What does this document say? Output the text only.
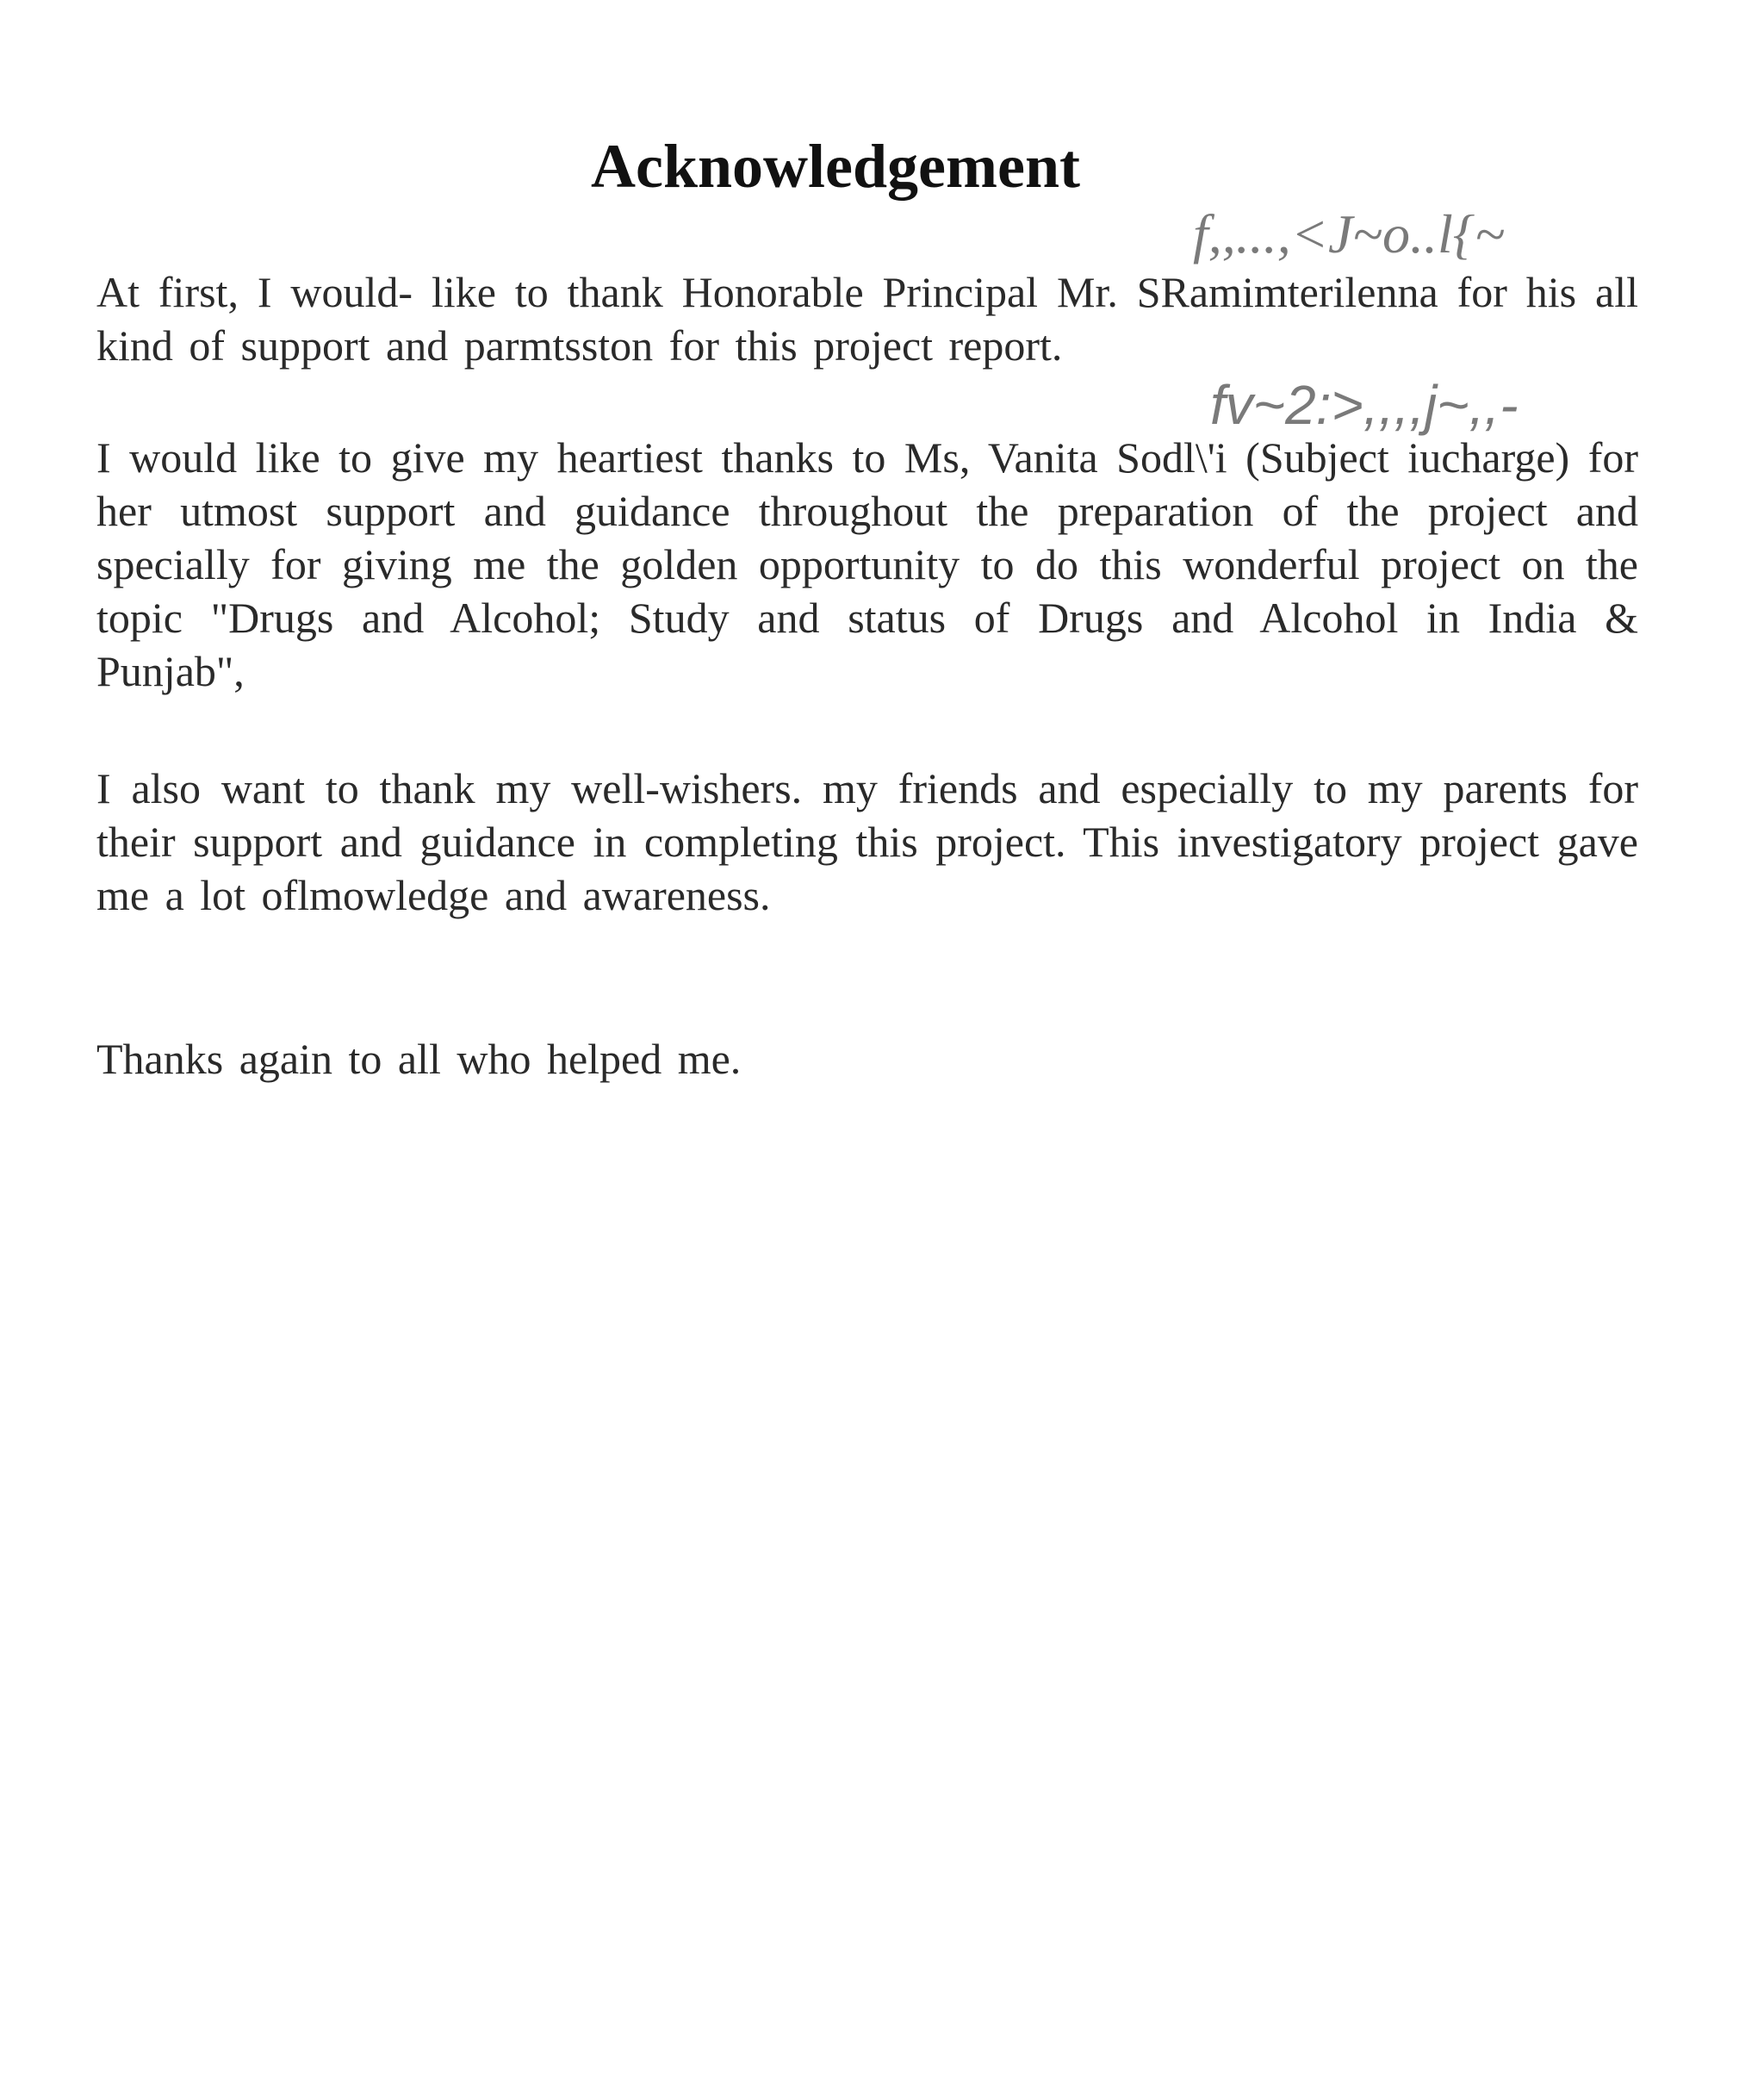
Acknowledgement
f,,...,<J~o..l{~

At first, I would- like to thank Honorable Principal Mr. SRamimterilenna for his all kind of support and parmtsston for this project report.

fv~2:>,,,,j~,,-

I would like to give my heartiest thanks to Ms, Vanita Sodl\'i (Subject iucharge) for her utmost support and guidance throughout the preparation of the project and specially for giving me the golden opportunity to do this wonderful project on the topic "Drugs and Alcohol; Study and status of Drugs and Alcohol in India & Punjab",

I also want to thank my well-wishers. my friends and especially to my parents for their support and guidance in completing this project. This investigatory project gave me a lot oflmowledge and awareness.

Thanks again to all who helped me.
